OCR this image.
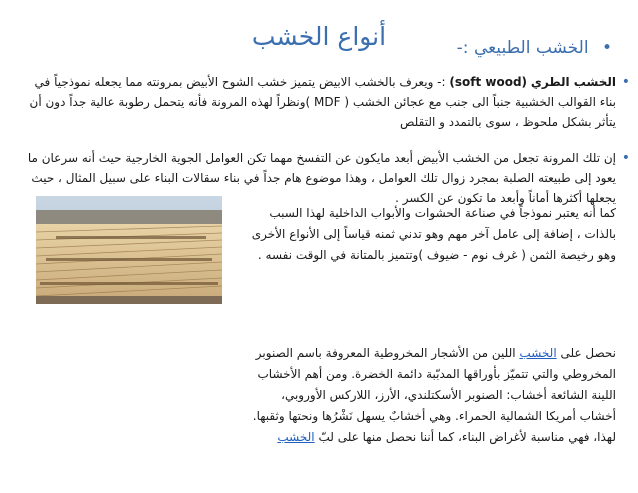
أنواع الخشب	• الخشب الطبيعي :-
•
الخشب الطري (soft wood) :- ويعرف بالخشب الابيض يتميز خشب الشوح الأبيض بمرونته مما يجعله نموذجياً في بناء القوالب الخشبية جنباً الى جنب مع عجائن الخشب ( MDF )ونظراً لهذه المرونة فأنه يتحمل رطوبة عالية جداً دون أن يتأثر بشكل ملحوظ ، سوى بالتمدد و التقلص
•
إن تلك المرونة تجعل من الخشب الأبيض أبعد مايكون عن التفسخ مهما تكن العوامل الجوية الخارجية حيث أنه سرعان ما يعود إلى طبيعته الصلبة بمجرد زوال تلك العوامل ، وهذا موضوع هام جداً في بناء سقالات البناء على سبيل المثال ، حيث يجعلها أكثرها أماناً وأبعد ما تكون عن الكسر .
كما أنه يعتبر نموذجاً في صناعة الحشوات والأبواب الداخلية لهذا السبب بالذات ، إضافة إلى عامل آخر مهم وهو تدني ثمنه قياساً إلى الأنواع الأخرى وهو رخيصة الثمن ( غرف نوم - ضيوف )وتتميز بالمتانة في الوقت نفسه .
نحصل على الخشب اللين من الأشجار المخروطية المعروفة باسم الصنوبر المخروطي والتي تتميّز بأوراقها المدبّبة دائمة الخضرة. ومن أهم الأخشاب اللينة الشائعة أخشاب: الصنوبر الأسكتلندي، الأرز، اللارکس الأوروبي، أخشاب أمريكا الشمالية الحمراء. وهي أخشابٌ يسهل نَشْرُها ونحتها وثقبها. لهذا، فهي مناسبة لأغراض البناء، كما أننا نحصل منها على لبّ الخشب
